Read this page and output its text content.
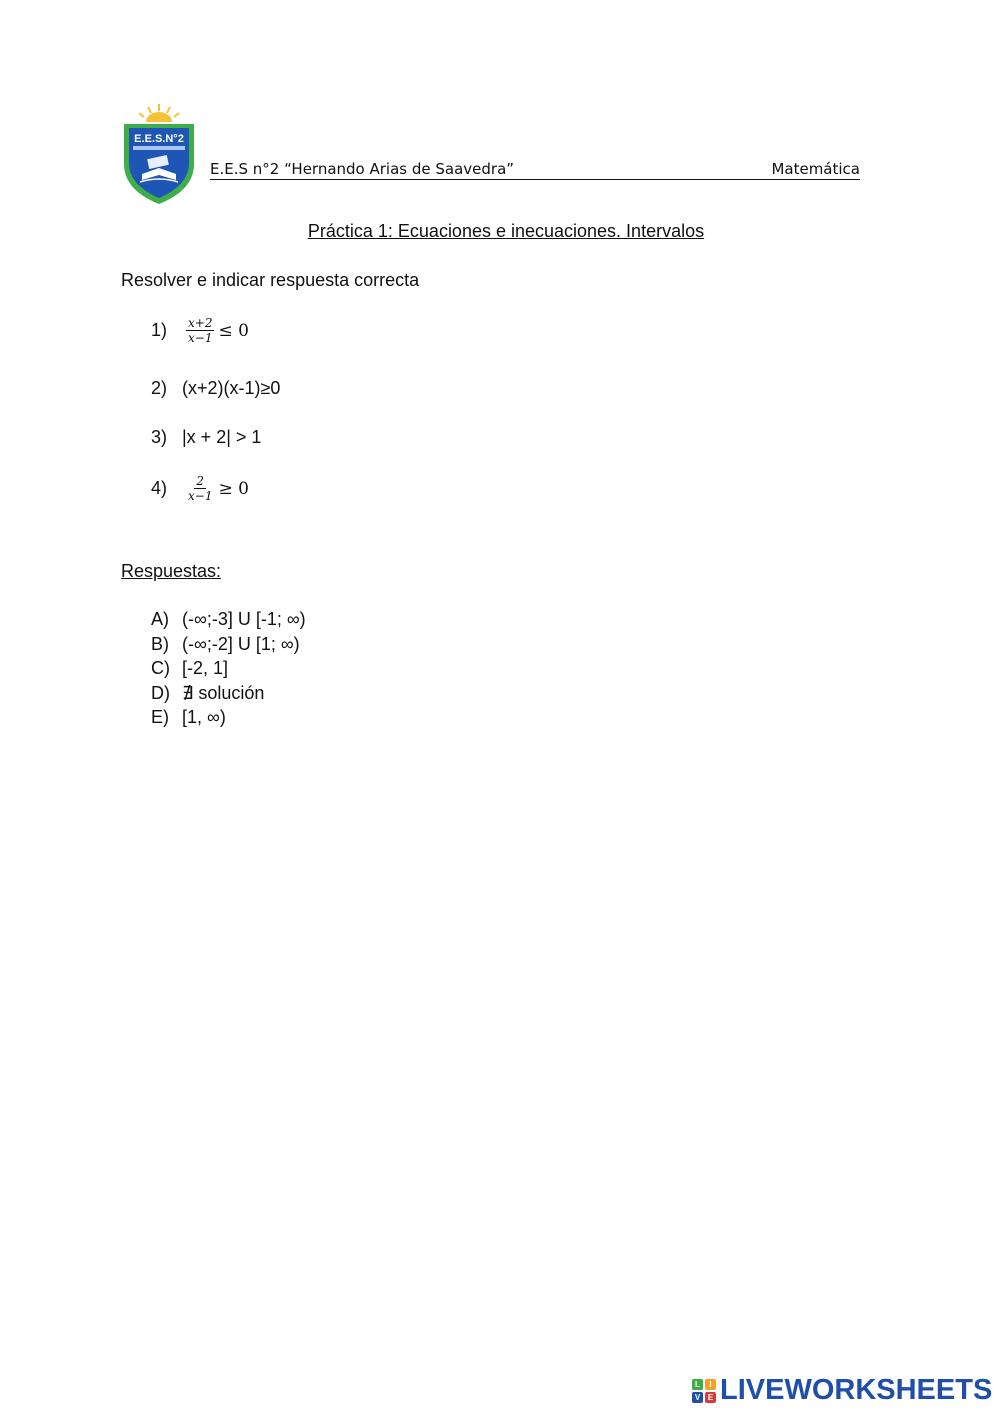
E.E.S.N°2
E.E.S n°2 “Hernando Arias de Saavedra”	Matemática
Práctica 1: Ecuaciones e inecuaciones. Intervalos
Resolver e indicar respuesta correcta
1)	$\frac{x+2}{x-1} \le 0$
2) (x+2)(x-1)≥0
3) |x + 2| > 1
4)	$\frac{2}{x-1} \ge 0$
Respuestas:
A) (-∞;-3] U [-1; ∞)
B) (-∞;-2] U [1; ∞)
C) [-2, 1]
D) ∄ solución
E) [1, ∞)
L	I
V E LIVEWORKSHEETS
